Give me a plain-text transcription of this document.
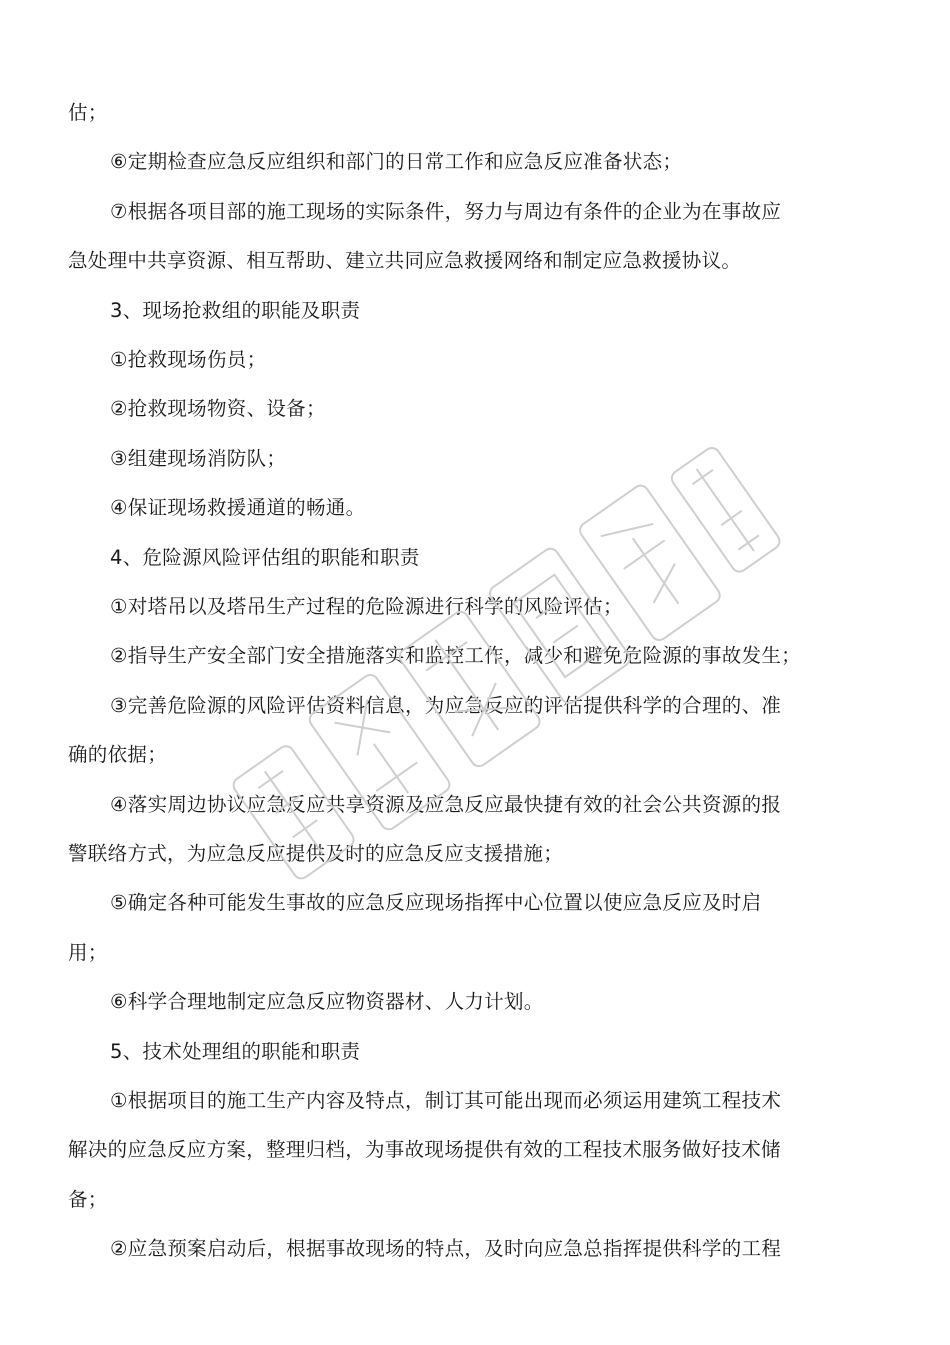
估；
⑥定期检查应急反应组织和部门的日常工作和应急反应准备状态；
⑦根据各项目部的施工现场的实际条件，努力与周边有条件的企业为在事故应
急处理中共享资源、相互帮助、建立共同应急救援网络和制定应急救援协议。
3、现场抢救组的职能及职责
①抢救现场伤员；
②抢救现场物资、设备；
③组建现场消防队；
④保证现场救援通道的畅通。
4、危险源风险评估组的职能和职责
①对塔吊以及塔吊生产过程的危险源进行科学的风险评估；
②指导生产安全部门安全措施落实和监控工作，减少和避免危险源的事故发生；
③完善危险源的风险评估资料信息，为应急反应的评估提供科学的合理的、准
确的依据；
④落实周边协议应急反应共享资源及应急反应最快捷有效的社会公共资源的报
警联络方式，为应急反应提供及时的应急反应支援措施；
⑤确定各种可能发生事故的应急反应现场指挥中心位置以使应急反应及时启
用；
⑥科学合理地制定应急反应物资器材、人力计划。
5、技术处理组的职能和职责
①根据项目的施工生产内容及特点，制订其可能出现而必须运用建筑工程技术
解决的应急反应方案，整理归档，为事故现场提供有效的工程技术服务做好技术储
备；
②应急预案启动后，根据事故现场的特点，及时向应急总指挥提供科学的工程
